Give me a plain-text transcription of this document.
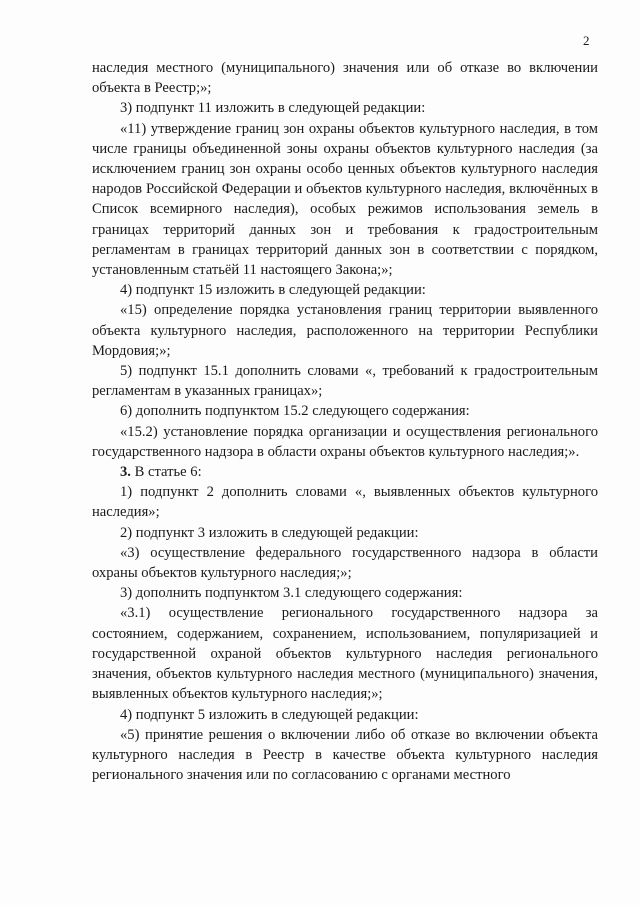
2

наследия местного (муниципального) значения или об отказе во включении объекта в Реестр;»;

3) подпункт 11 изложить в следующей редакции:

«11) утверждение границ зон охраны объектов культурного наследия, в том числе границы объединенной зоны охраны объектов культурного наследия (за исключением границ зон охраны особо ценных объектов культурного наследия народов Российской Федерации и объектов культурного наследия, включённых в Список всемирного наследия), особых режимов использования земель в границах территорий данных зон и требования к градостроительным регламентам в границах территорий данных зон в соответствии с порядком, установленным статьёй 11 настоящего Закона;»;

4) подпункт 15 изложить в следующей редакции:

«15) определение порядка установления границ территории выявленного объекта культурного наследия, расположенного на территории Республики Мордовия;»;

5) подпункт 15.1 дополнить словами «, требований к градостроительным регламентам в указанных границах»;

6) дополнить подпунктом 15.2 следующего содержания:

«15.2) установление порядка организации и осуществления регионального государственного надзора в области охраны объектов культурного наследия;».

3. В статье 6:

1) подпункт 2 дополнить словами «, выявленных объектов культурного наследия»;

2) подпункт 3 изложить в следующей редакции:

«3) осуществление федерального государственного надзора в области охраны объектов культурного наследия;»;

3) дополнить подпунктом 3.1 следующего содержания:

«3.1) осуществление регионального государственного надзора за состоянием, содержанием, сохранением, использованием, популяризацией и государственной охраной объектов культурного наследия регионального значения, объектов культурного наследия местного (муниципального) значения, выявленных объектов культурного наследия;»;

4) подпункт 5 изложить в следующей редакции:

«5) принятие решения о включении либо об отказе во включении объекта культурного наследия в Реестр в качестве объекта культурного наследия регионального значения или по согласованию с органами местного
